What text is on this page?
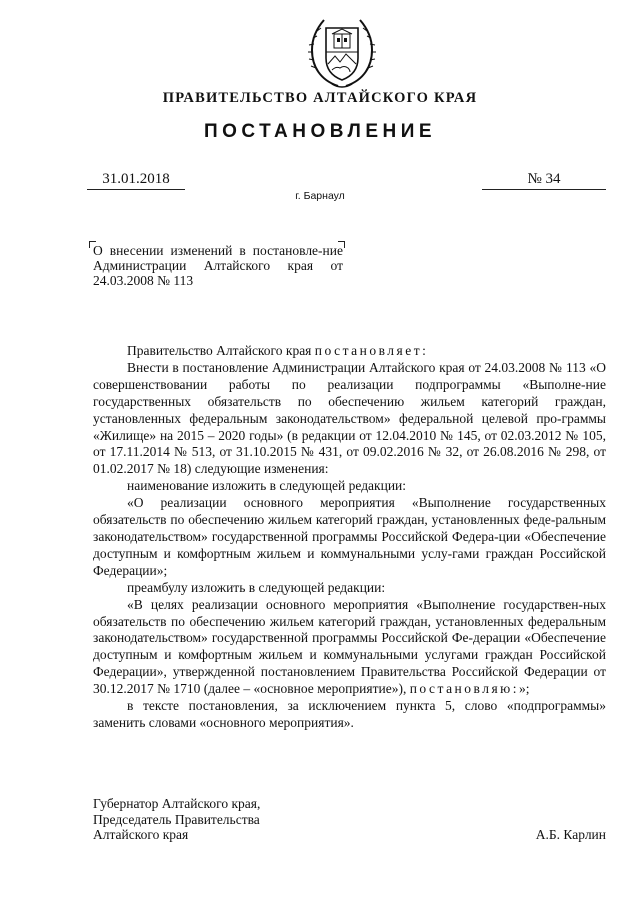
ПРАВИТЕЛЬСТВО АЛТАЙСКОГО КРАЯ
ПОСТАНОВЛЕНИЕ
31.01.2018	№ 34
г. Барнаул
О внесении изменений в постановле-ние Администрации Алтайского края от 24.03.2008 № 113

Правительство Алтайского края постановляет:

Внести в постановление Администрации Алтайского края от 24.03.2008 № 113 «О совершенствовании работы по реализации подпрограммы «Выполне-ние государственных обязательств по обеспечению жильем категорий граждан, установленных федеральным законодательством» федеральной целевой про-граммы «Жилище» на 2015 – 2020 годы» (в редакции от 12.04.2010 № 145, от 02.03.2012 № 105, от 17.11.2014 № 513, от 31.10.2015 № 431, от 09.02.2016 № 32, от 26.08.2016 № 298, от 01.02.2017 № 18) следующие изменения:

наименование изложить в следующей редакции:

«О реализации основного мероприятия «Выполнение государственных обязательств по обеспечению жильем категорий граждан, установленных феде-ральным законодательством» государственной программы Российской Федера-ции «Обеспечение доступным и комфортным жильем и коммунальными услу-гами граждан Российской Федерации»;

преамбулу изложить в следующей редакции:

«В целях реализации основного мероприятия «Выполнение государствен-ных обязательств по обеспечению жильем категорий граждан, установленных федеральным законодательством» государственной программы Российской Фе-дерации «Обеспечение доступным и комфортным жильем и коммунальными услугами граждан Российской Федерации», утвержденной постановлением Правительства Российской Федерации от 30.12.2017 № 1710 (далее – «основное мероприятие»), постановляю:»;

в тексте постановления, за исключением пункта 5, слово «подпрограммы» заменить словами «основного мероприятия».

Губернатор Алтайского края,
Председатель Правительства
Алтайского края	А.Б. Карлин
